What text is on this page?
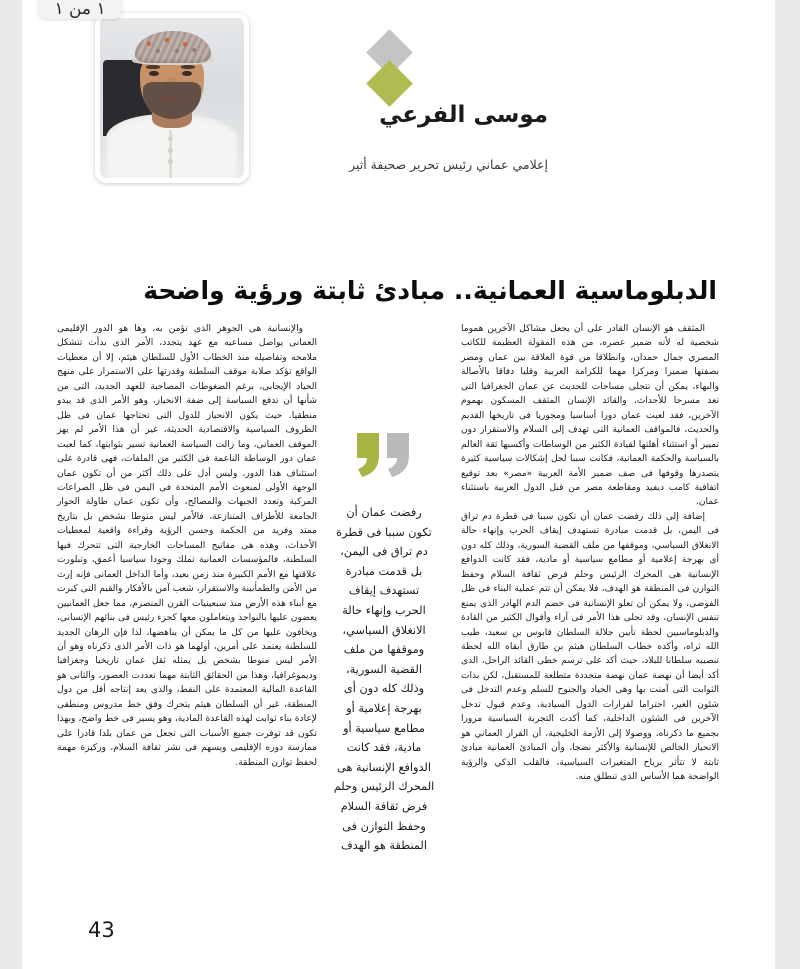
موسى الفرعي
إعلامي عماني رئيس تحرير صحيفة أثير
الدبلوماسية العمانية.. مبادئ ثابتة ورؤية واضحة

المثقف هو الإنسان القادر على أن يجعل مشاكل الآخرين هموما شخصية له لأنه ضمير عصره، من هذه المقولة العظيمة للكاتب المصري جمال حمدان، وانطلاقا من قوة العلاقة بين عمان ومصر بصفتها ضميرا ومركزا مهما للكرامة العربية وقلبا دفاقا بالأصالة والبهاء، يمكن أن تتجلى مساحات للحديث عن عمان الجغرافيا التى تعد مسرحا للأحداث، والقائد الإنسان المثقف المسكون بهموم الآخرين، فقد لعبت عمان دورا أساسيا ومحوريا فى تاريخها القديم والحديث، فالمواقف العمانية التى تهدف إلى السلام والاستقرار دون تمييز أو استثناء أهلتها لقيادة الكثير من الوساطات وأكسبها ثقة العالم بالسياسة والحكمة العمانية، فكانت سببا لحل إشكالات سياسية كثيرة يتصدرها وقوفها فى صف ضمير الأمة العربية «مصر» بعد توقيع اتفاقية كامب ديفيد ومقاطعة مصر من قبل الدول العربية باستثناء عمان.

إضافة إلى ذلك رفضت عمان أن تكون سببا فى قطرة دم تراق فى اليمن، بل قدمت مبادرة تستهدف إيقاف الحرب وإنهاء حالة الانغلاق السياسي، وموقفها من ملف القضية السورية، وذلك كله دون أى بهرجة إعلامية أو مطامع سياسية أو مادية، فقد كانت الدوافع الإنسانية هى المحرك الرئيس وحلم فرض ثقافة السلام وحفظ التوازن فى المنطقة هو الهدف، فلا يمكن أن تتم عملية البناء فى ظل الفوضى، ولا يمكن أن تعلو الإنسانية فى خضم الدم الهادر الذى يمنع تنفس الإنسان، وقد تجلى هذا الأمر فى آراء وأقوال الكثير من القادة والدبلوماسيين لحظة تأبين جلالة السلطان قابوس بن سعيد، طيب الله ثراه، وأكده خطاب السلطان هيثم بن طارق أبقاه الله لحظة تنصيبه سلطانا للبلاد، حيث أكد على ترسم خطى القائد الراحل، الذى أكد أيضا أن نهضة عمان نهضة متجددة متطلعة للمستقبل، لكن بذات الثوابت التى آمنت بها وهى الحياد والجنوح للسلم وعدم التدخل فى شئون الغير، احتراما لقرارات الدول السيادية، وعدم قبول تدخل الآخرين فى الشئون الداخلية، كما أكدت التجربة السياسية مرورا بجميع ما ذكرناه، ووصولا إلى الأزمة الخليجية، أن القرار العماني هو الانحياز الخالص للإنسانية والأكثر نضجا، وأن المبادئ العمانية مبادئ ثابتة لا تتأثر برياح المتغيرات السياسية، فالقلب الذكي والرؤية الواضحة هما الأساس الذى تنطلق منه.

رفضت عمان أن تكون سببا فى قطرة دم تراق فى اليمن، بل قدمت مبادرة تستهدف إيقاف الحرب وإنهاء حالة الانغلاق السياسي، وموقفها من ملف القضية السورية، وذلك كله دون أى بهرجة إعلامية أو مطامع سياسية أو مادية، فقد كانت الدوافع الإنسانية هى المحرك الرئيس وحلم فرض ثقافة السلام وحفظ التوازن فى المنطقة هو الهدف

والإنسانية هى الجوهر الذى تؤمن به، وها هو الدور الإقليمى العمانى يواصل مساعيه مع عهد يتجدد، الأمر الذى بدأت تتشكل ملامحه وتفاصيله منذ الخطاب الأول للسلطان هيثم، إلا أن معطيات الواقع تؤكد صلابة موقف السلطنة وقدرتها على الاستمرار على منهج الحياد الإيجابى، برغم الضغوطات المصاحبة للعهد الجديد، التى من شأنها أن تدفع السياسة إلى ضفة الانحياز، وهو الأمر الذى قد يبدو منطقيا. حيث يكون الانحياز للدول التى تحتاجها عمان فى ظل الظروف السياسية والاقتصادية الحديثة، غير أن هذا الأمر لم يهز الموقف العمانى، وما زالت السياسة العمانية تسير بثوابتها، كما لعبت عمان دور الوساطة الناعمة فى الكثير من الملفات، فهى قادرة على استئناف هذا الدور، وليس أدل على ذلك أكثر من أن تكون عمان الوجهة الأولى لمبعوث الأمم المتحدة فى اليمن فى ظل الصراعات المركبة وتعدد الجبهات والمصالح، وأن تكون عمان طاولة الحوار الجامعة للأطراف المتنازعة، فالأمر ليس منوطا بشخص بل بتاريخ ممتد وفريد من الحكمة وحسن الرؤية وقراءة واقعية لمعطيات الأحداث، وهذه هى مفاتيح المساحات الخارجية التى تتحرك فيها السلطنة، فالمؤسسات العمانية تملك وجودا سياسيا أعمق، وتبلورت علاقتها مع الأمم الكبيرة منذ زمن بعيد، وأما الداخل العمانى فإنه إرث من الأمن والطمأنينة والاستقرار، شعب آمن بالأفكار والقيم التى كبرت مع أبناء هذه الأرض منذ سبعينيات القرن المنصرم، مما جعل العمانيين يعضون عليها بالنواجذ ويتعاملون معها كجزء رئيس فى بنائهم الإنسانى، ويخافون عليها من كل ما يمكن أن يناهضها، لذا فإن الرهان الجديد للسلطنة يعتمد على أمرين، أولهما هو ذات الأمر الذى ذكرناه وهو أن الأمر ليس منوطا بشخص بل يمثله ثقل عمان تاريخيا وجغرافيا وديموغرافيا، وهذا من الحقائق الثابتة مهما تعددت العصور، والثانى هو القاعدة المالية المعتمدة على النفط، والذى يعد إنتاجه أقل من دول المنطقة، غير أن السلطان هيثم يتحرك وفق خط مدروس ومنطقى لإعادة بناء ثوابت لهذه القاعدة المادية، وهو يسير فى خط واضح، وبهذا تكون قد توفرت جميع الأسباب التى تجعل من عمان بلدا قادرا على ممارسة دوره الإقليمى ويسهم فى نشر ثقافة السلام، وركيزة مهمة لحفظ توازن المنطقة.

43
١ من ١
